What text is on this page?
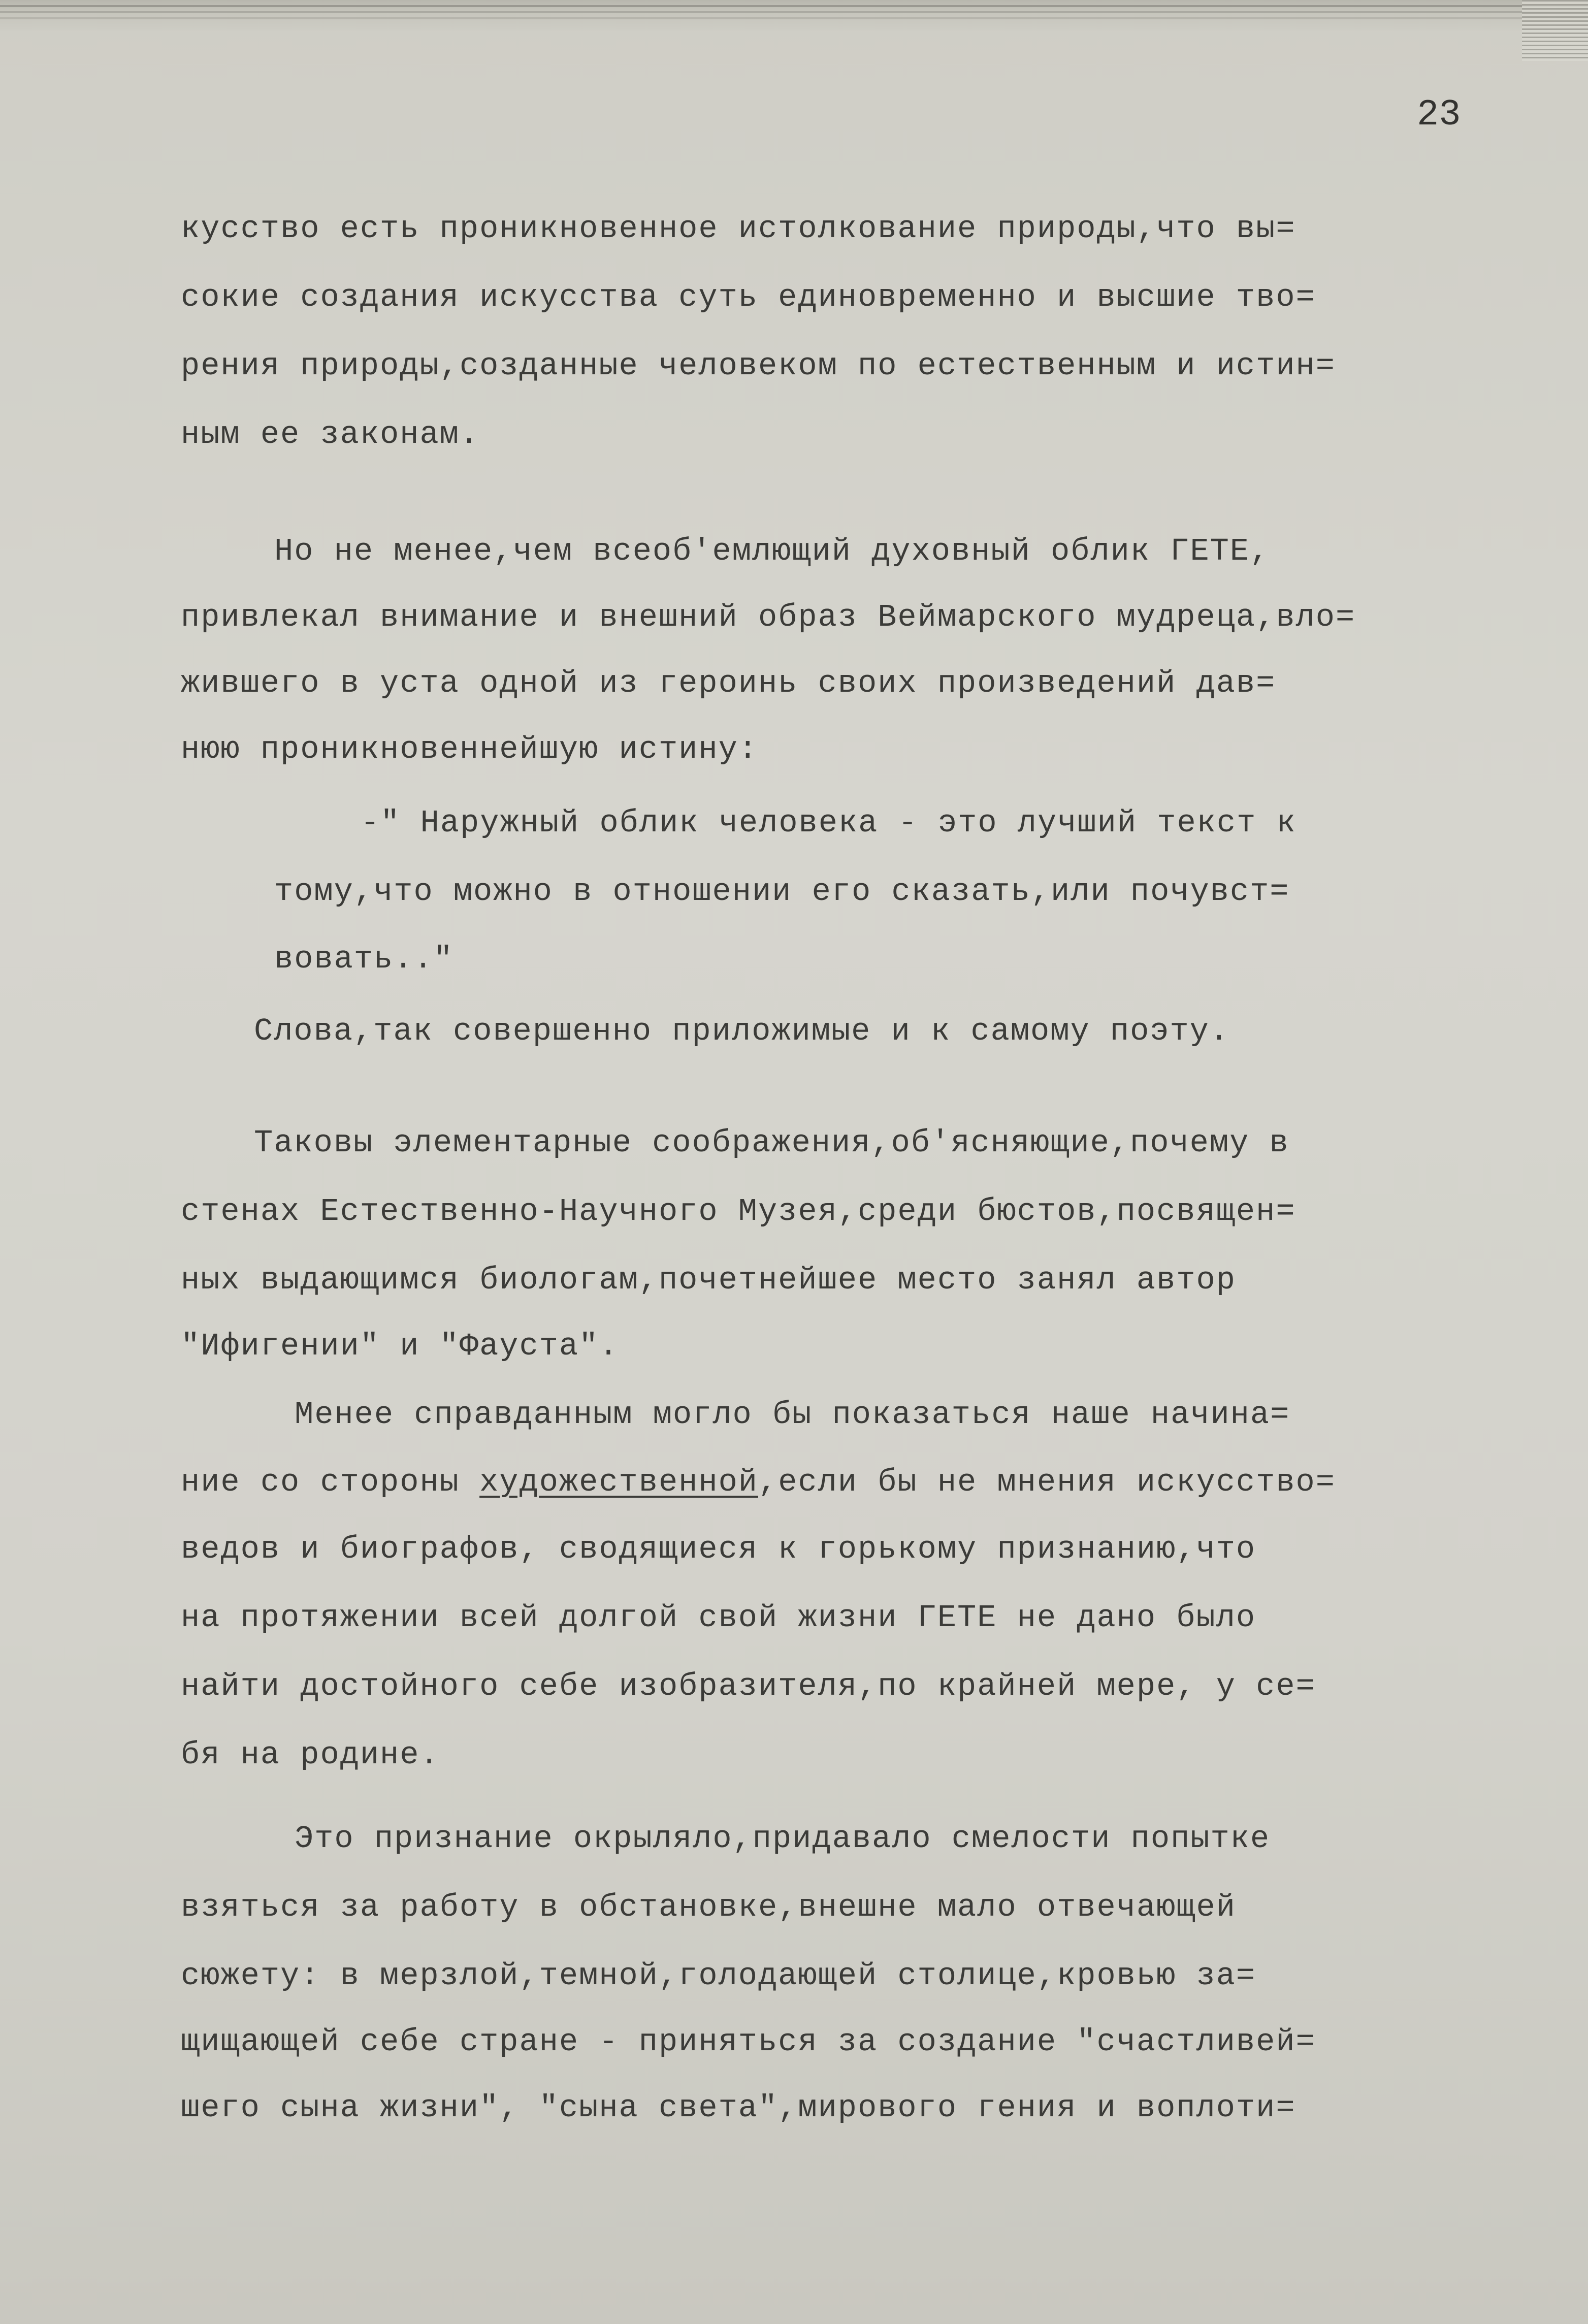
23
кусство есть проникновенное истолкование природы,что вы=
сокие создания искусства суть единовременно и высшие тво=
рения природы,созданные человеком по естественным и истин=
ным ее законам.
Но не менее,чем всеоб'емлющий духовный облик ГЕТЕ,
привлекал внимание и внешний образ Веймарского мудреца,вло=
жившего в уста одной из героинь своих произведений дав=
нюю проникновеннейшую истину:
-" Наружный облик человека - это лучший текст к
тому,что можно в отношении его сказать,или почувст=
вовать.."
Слова,так совершенно приложимые и к самому поэту.
Таковы элементарные соображения,об'ясняющие,почему в
стенах Естественно-Научного Музея,среди бюстов,посвящен=
ных выдающимся биологам,почетнейшее место занял автор
"Ифигении" и "Фауста".
Менее справданным могло бы показаться наше начина=
ние со стороны художественной,если бы не мнения искусство=
ведов и биографов, сводящиеся к горькому признанию,что
на протяжении всей долгой свой жизни ГЕТЕ не дано было
найти достойного себе изобразителя,по крайней мере, у се=
бя на родине.
Это признание окрыляло,придавало смелости попытке
взяться за работу в обстановке,внешне мало отвечающей
сюжету: в мерзлой,темной,голодающей столице,кровью за=
щищающей себе стране - приняться за создание "счастливей=
шего сына жизни", "сына света",мирового гения и воплоти=
